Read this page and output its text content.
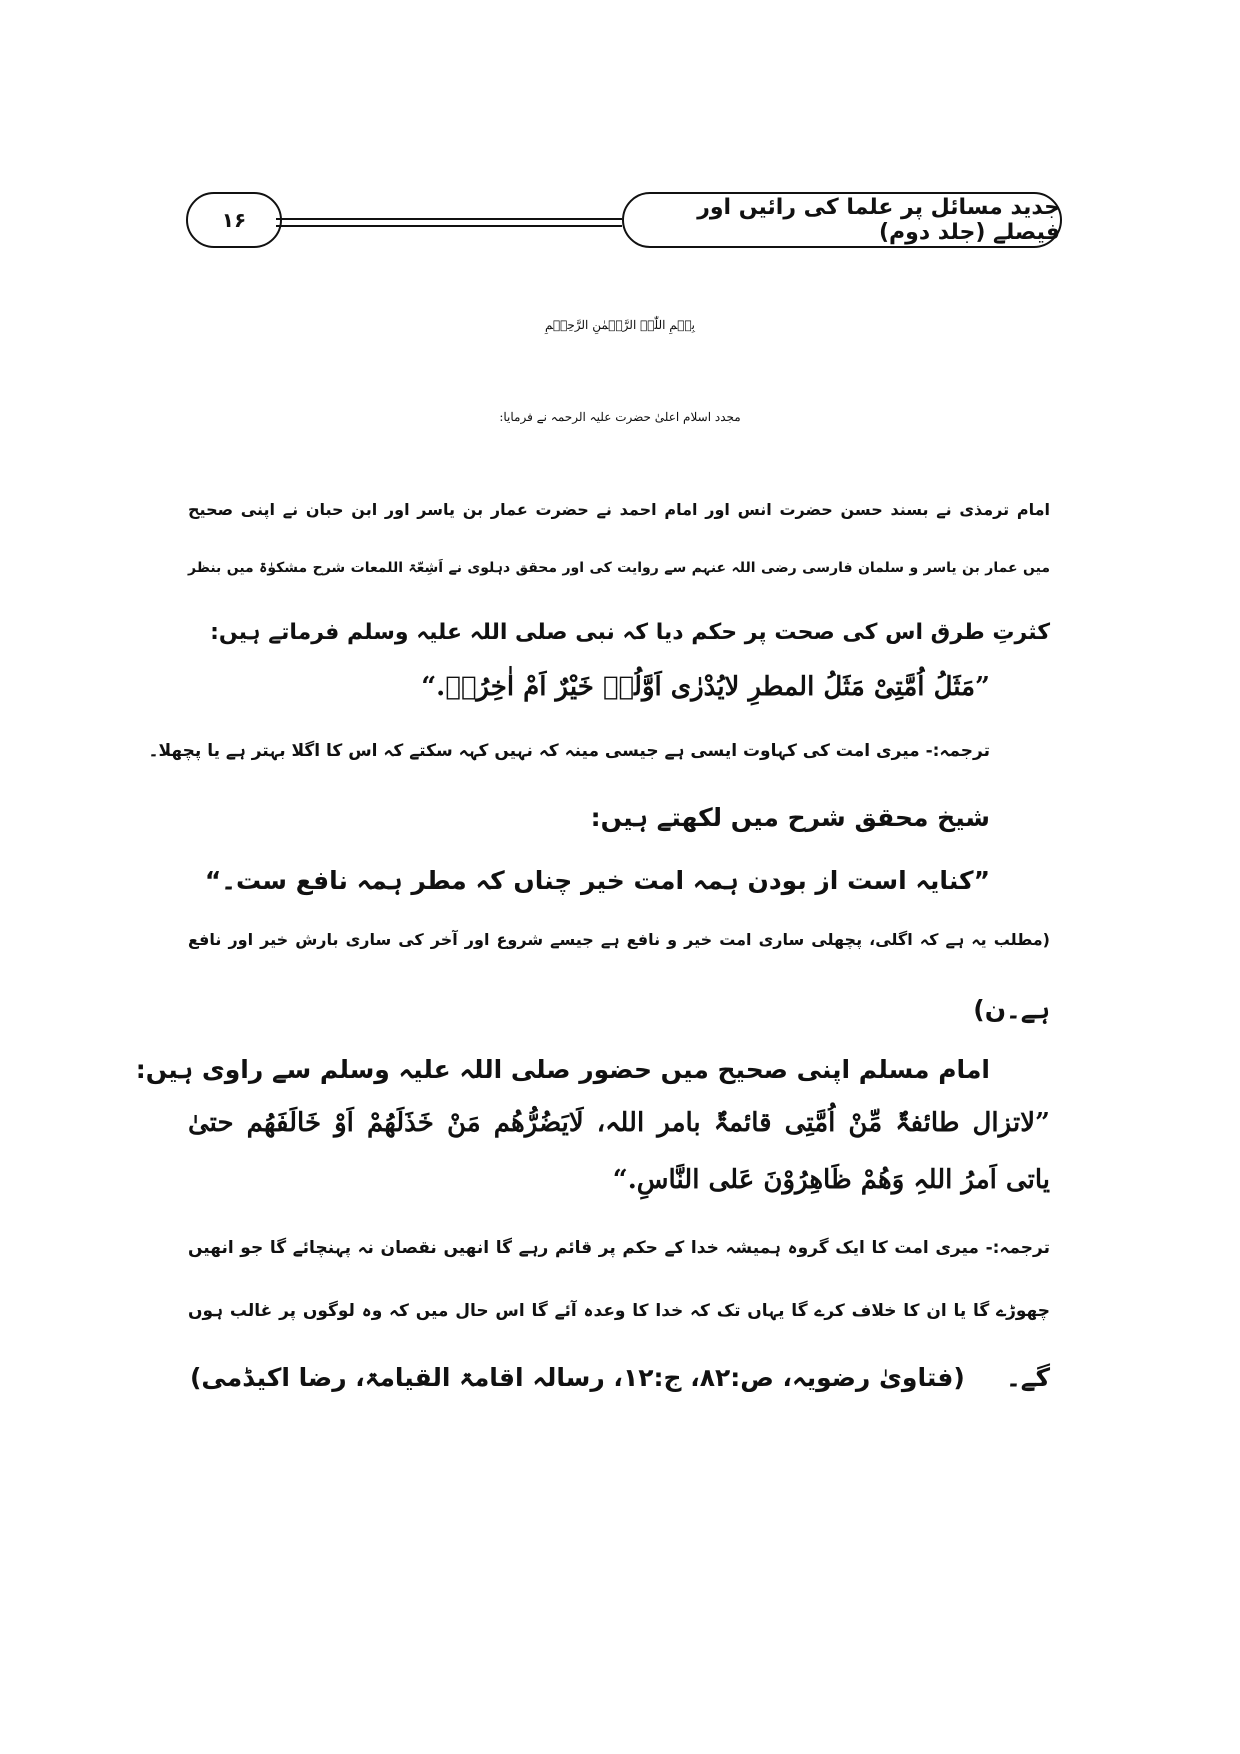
۱۶	جدید مسائل پر علما کی رائیں اور فیصلے (جلد دوم)
بِسۡمِ اللّٰہِ الرَّحۡمٰنِ الرَّحِیۡمِ
مجدد اسلام اعلیٰ حضرت علیہ الرحمہ نے فرمایا:
امام ترمذی نے بسند حسن حضرت انس اور امام احمد نے حضرت عمار بن یاسر اور ابن حبان نے اپنی صحیح
میں عمار بن یاسر و سلمان فارسی رضی اللہ عنہم سے روایت کی اور محقق دہلوی نے اَشِعّۃ اللمعات شرح مشکوٰۃ میں بنظر
کثرتِ طرق اس کی صحت پر حکم دیا کہ نبی صلی اللہ علیہ وسلم فرماتے ہیں:
”مَثَلُ اُمَّتِیْ مَثَلُ المطرِ لایُدْرٰی اَوَّلُہٗ خَیْرٌ اَمْ اٰخِرُہٗ.“
ترجمہ:- میری امت کی کہاوت ایسی ہے جیسی مینہ کہ نہیں کہہ سکتے کہ اس کا اگلا بہتر ہے یا پچھلا۔
شیخ محقق شرح میں لکھتے ہیں:
”کنایہ است از بودن ہمہ امت خیر چناں کہ مطر ہمہ نافع ست۔“
(مطلب یہ ہے کہ اگلی، پچھلی ساری امت خیر و نافع ہے جیسے شروع اور آخر کی ساری بارش خیر اور نافع
ہے۔ن)
امام مسلم اپنی صحیح میں حضور صلی اللہ علیہ وسلم سے راوی ہیں:
”لاتزال طائفۃٌ مِّنْ اُمَّتِی قائمۃٌ بامر اللہ، لَایَضُرُّھُم مَنْ خَذَلَھُمْ اَوْ خَالَفَھُم حتیٰ
یاتی اَمرُ اللہِ وَھُمْ ظَاھِرُوْنَ عَلی النَّاسِ.“
ترجمہ:- میری امت کا ایک گروہ ہمیشہ خدا کے حکم پر قائم رہے گا انھیں نقصان نہ پہنچائے گا جو انھیں
چھوڑے گا یا ان کا خلاف کرے گا یہاں تک کہ خدا کا وعدہ آئے گا اس حال میں کہ وہ لوگوں پر غالب ہوں
گے۔
(فتاویٰ رضویہ، ص:۸۲، ج:۱۲، رسالہ اقامۃ القیامۃ، رضا اکیڈمی)
